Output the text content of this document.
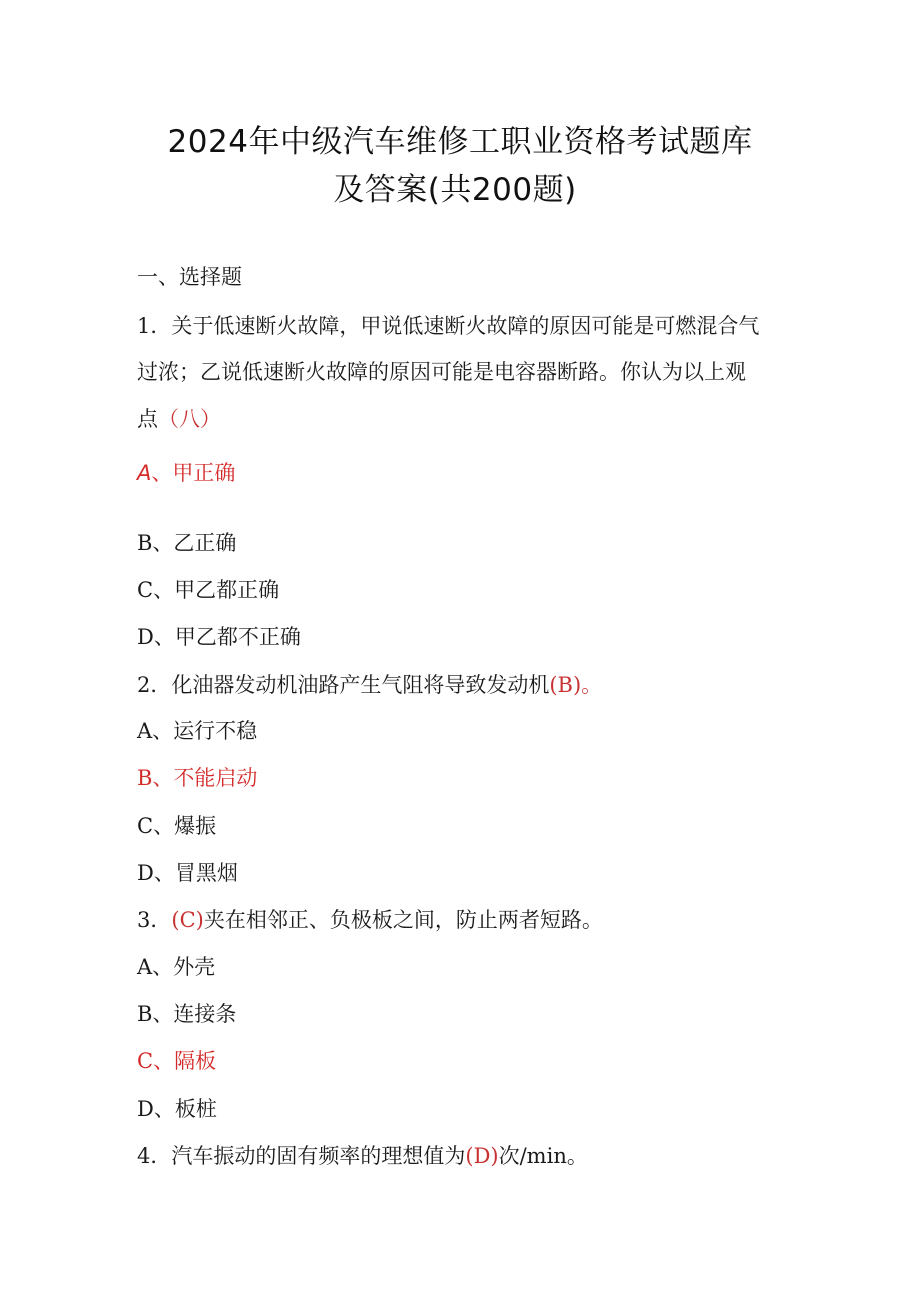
2024年中级汽车维修工职业资格考试题库
及答案(共200题)
一、选择题
1．关于低速断火故障，甲说低速断火故障的原因可能是可燃混合气
过浓；乙说低速断火故障的原因可能是电容器断路。你认为以上观
点（八）
A、甲正确
B、乙正确
C、甲乙都正确
D、甲乙都不正确
2．化油器发动机油路产生气阻将导致发动机(B)。
A、运行不稳
B、不能启动
C、爆振
D、冒黑烟
3．(C)夹在相邻正、负极板之间，防止两者短路。
A、外壳
B、连接条
C、隔板
D、板桩
4．汽车振动的固有频率的理想值为(D)次/min。
